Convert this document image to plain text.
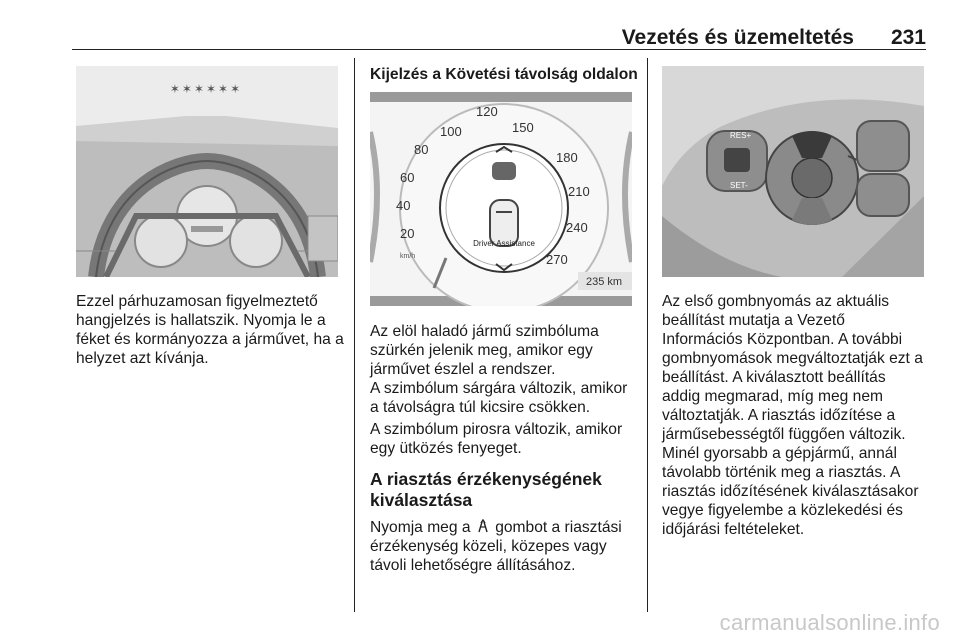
Vezetés és üzemeltetés 231
✶✶✶✶✶✶

Ezzel párhuzamosan figyelmeztető hangjelzés is hallatszik. Nyomja le a féket és kormányozza a járművet, ha a helyzet azt kívánja.

Kijelzés a Követési távolság oldalon
120
100
80
60
40
20
150
180
210
240
270
km/h
Driver Assistance
235 km

Az elöl haladó jármű szimbóluma szürkén jelenik meg, amikor egy járművet észlel a rendszer.

A szimbólum sárgára változik, amikor a távolságra túl kicsire csökken.

A szimbólum pirosra változik, amikor egy ütközés fenyeget.

A riasztás érzékenységének kiválasztása

Nyomja meg a  gombot a riasztási érzékenység közeli, közepes vagy távoli lehetőségre állításához.

RES+
SET-

Az első gombnyomás az aktuális beállítást mutatja a Vezető Információs Központban. A további gombnyomások megváltoztatják ezt a beállítást. A kiválasztott beállítás addig megmarad, míg meg nem változtatják. A riasztás időzítése a járműsebességtől függően változik. Minél gyorsabb a gépjármű, annál távolabb történik meg a riasztás. A riasztás időzítésének kiválasztásakor vegye figyelembe a közlekedési és időjárási feltételeket.

carmanualsonline.info
